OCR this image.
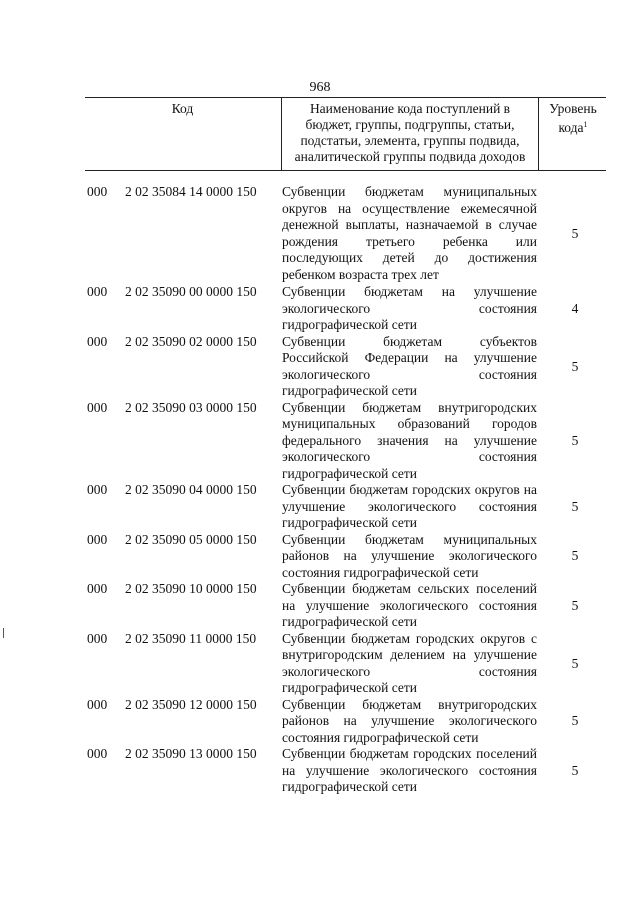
968
Код	Наименование кода поступлений в
бюджет, группы, подгруппы, статьи,
подстатьи, элемента, группы подвида,
аналитической группы подвида доходов
Уровень
кода$^1$
000 2 02 35084 14 0000 150 Субвенции бюджетам муниципальных округов на осуществление ежемесячной денежной выплаты, назначаемой в случае рождения третьего ребенка или последующих детей до достижения ребенком возраста трех лет
5
000 2 02 35090 00 0000 150 Субвенции бюджетам на улучшение экологического состояния гидрографической сети
4
000 2 02 35090 02 0000 150 Субвенции бюджетам субъектов Российской Федерации на улучшение экологического состояния гидрографической сети
5
000 2 02 35090 03 0000 150 Субвенции бюджетам внутригородских муниципальных образований городов федерального значения на улучшение экологического состояния гидрографической сети
5
000 2 02 35090 04 0000 150 Субвенции бюджетам городских округов на улучшение экологического состояния гидрографической сети
5
000 2 02 35090 05 0000 150 Субвенции бюджетам муниципальных районов на улучшение экологического состояния гидрографической сети
5
000 2 02 35090 10 0000 150 Субвенции бюджетам сельских поселений на улучшение экологического состояния гидрографической сети
5
000 2 02 35090 11 0000 150 Субвенции бюджетам городских округов с внутригородским делением на улучшение экологического состояния гидрографической сети
5
000 2 02 35090 12 0000 150 Субвенции бюджетам внутригородских районов на улучшение экологического состояния гидрографической сети
5
000 2 02 35090 13 0000 150 Субвенции бюджетам городских поселений на улучшение экологического состояния гидрографической сети
5
